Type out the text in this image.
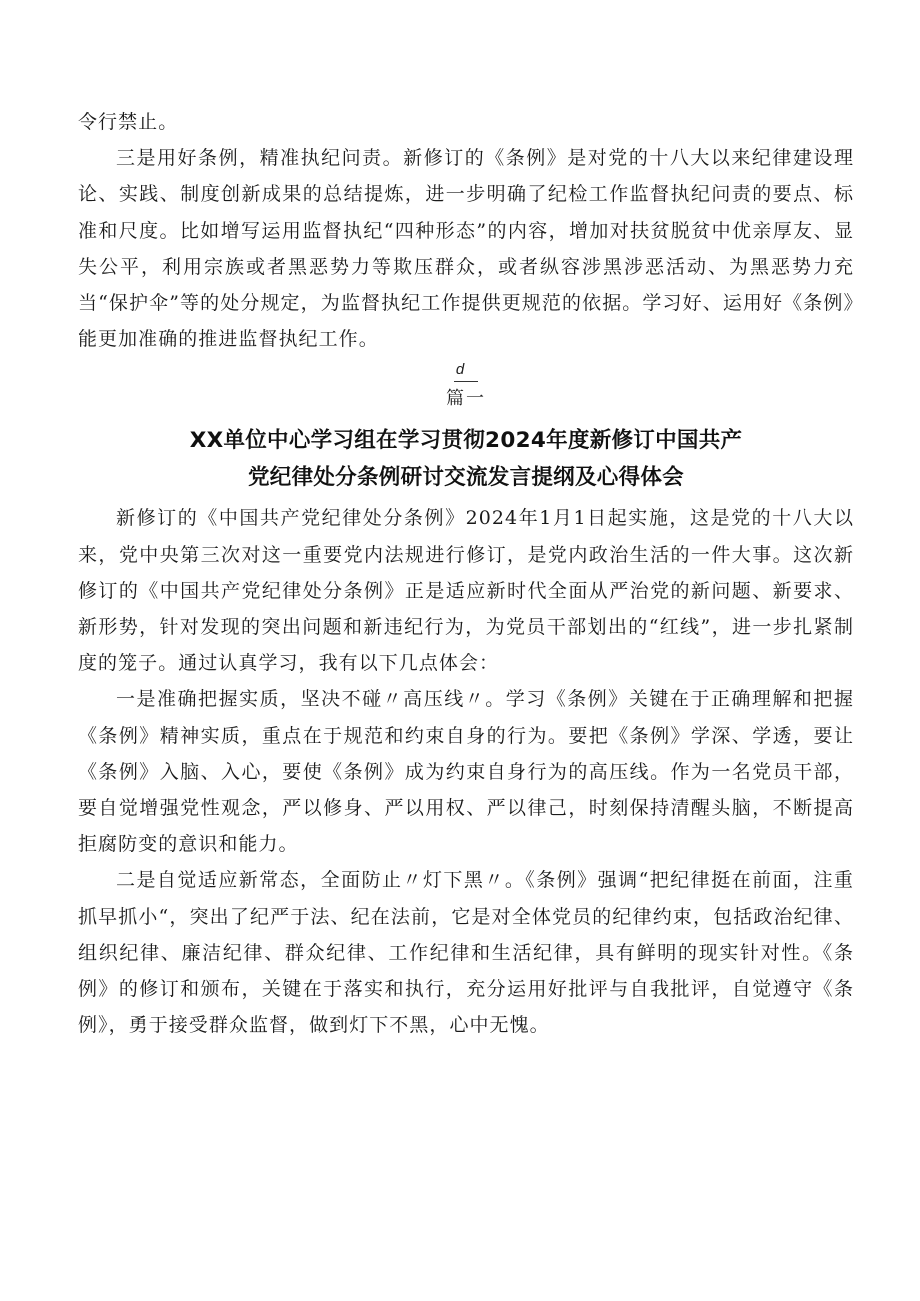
令行禁止。

三是用好条例，精准执纪问责。新修订的《条例》是对党的十八大以来纪律建设理论、实践、制度创新成果的总结提炼，进一步明确了纪检工作监督执纪问责的要点、标准和尺度。比如增写运用监督执纪“四种形态”的内容，增加对扶贫脱贫中优亲厚友、显失公平，利用宗族或者黑恶势力等欺压群众，或者纵容涉黑涉恶活动、为黑恶势力充当“保护伞”等的处分规定，为监督执纪工作提供更规范的依据。学习好、运用好《条例》能更加准确的推进监督执纪工作。

d
篇一
XX单位中心学习组在学习贯彻2024年度新修订中国共产
党纪律处分条例研讨交流发言提纲及心得体会

新修订的《中国共产党纪律处分条例》2024年1月1日起实施，这是党的十八大以来，党中央第三次对这一重要党内法规进行修订，是党内政治生活的一件大事。这次新修订的《中国共产党纪律处分条例》正是适应新时代全面从严治党的新问题、新要求、新形势，针对发现的突出问题和新违纪行为，为党员干部划出的“红线”，进一步扎紧制度的笼子。通过认真学习，我有以下几点体会：

一是准确把握实质，坚决不碰〃高压线〃。学习《条例》关键在于正确理解和把握《条例》精神实质，重点在于规范和约束自身的行为。要把《条例》学深、学透，要让《条例》入脑、入心，要使《条例》成为约束自身行为的高压线。作为一名党员干部，要自觉增强党性观念，严以修身、严以用权、严以律己，时刻保持清醒头脑，不断提高拒腐防变的意识和能力。

二是自觉适应新常态，全面防止〃灯下黑〃。《条例》强调“把纪律挺在前面，注重抓早抓小“，突出了纪严于法、纪在法前，它是对全体党员的纪律约束，包括政治纪律、组织纪律、廉洁纪律、群众纪律、工作纪律和生活纪律，具有鲜明的现实针对性。《条例》的修订和颁布，关键在于落实和执行，充分运用好批评与自我批评，自觉遵守《条例》，勇于接受群众监督，做到灯下不黑，心中无愧。
